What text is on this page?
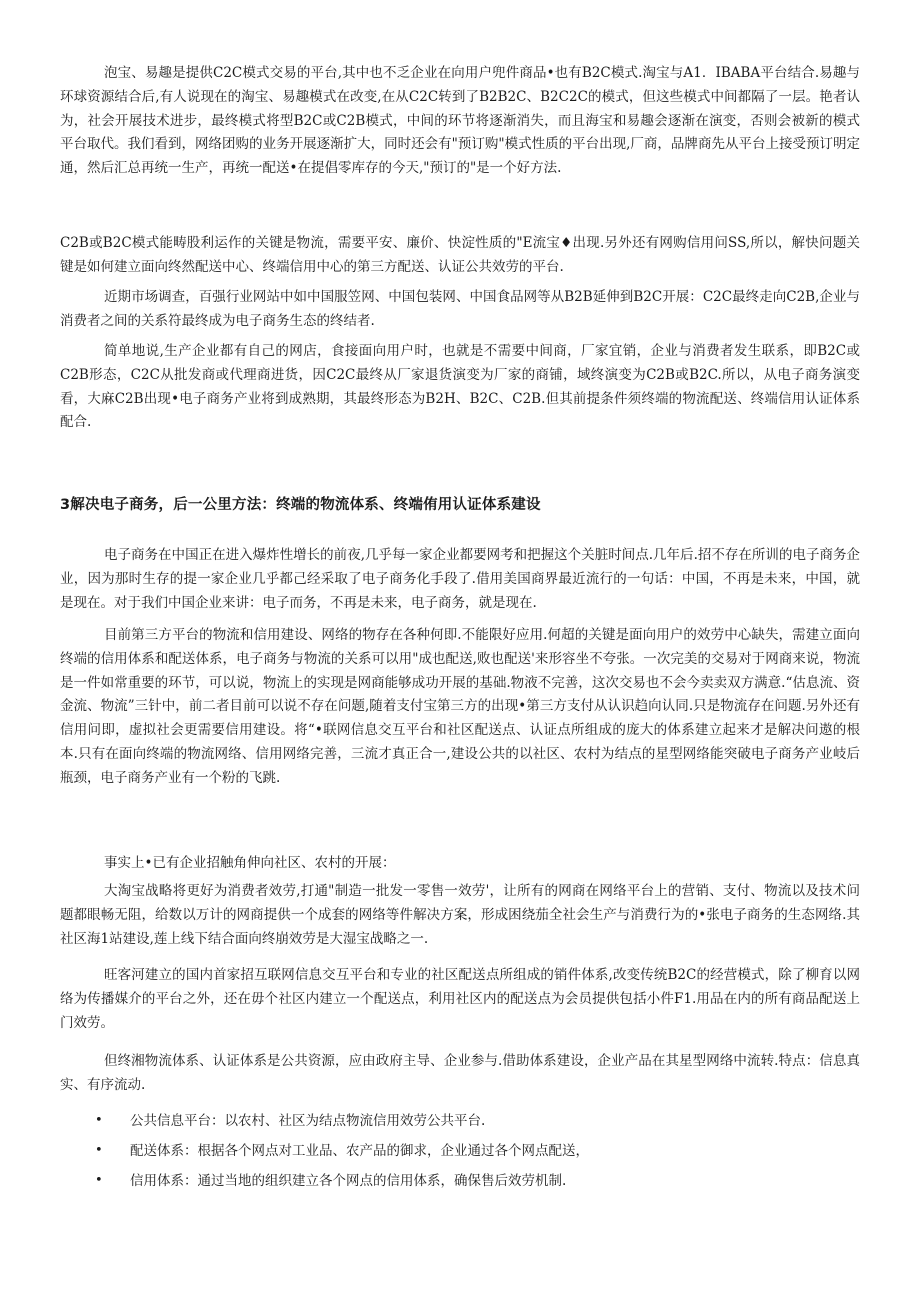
泡宝、易趣是提供C2C模式交易的平台,其中也不乏企业在向用户兜件商品•也有B2C模式.淘宝与A1．IBABA平台结合.易趣与环球资源结合后,有人说现在的淘宝、易趣模式在改变,在从C2C转到了B2B2C、B2C2C的模式，但这些模式中间都隔了一层。艳者认为，社会开展技术进步，最终模式将型B2C或C2B模式，中间的环节将逐渐消失，而且海宝和易趣会逐渐在演变，否则会被新的模式平台取代。我们看到，网络团购的业务开展逐渐扩大，同时还会有"预订购"模式性质的平台出现,厂商，品牌商先从平台上接受预订明定通，然后汇总再统一生产，再统一配送•在提倡零库存的今天,"预订的"是一个好方法.

C2B或B2C模式能畴股利运作的关键是物流，需要平安、廉价、快淀性质的"E流宝♦出现.另外还有网购信用问SS,所以，解快问题关键是如何建立面向终然配送中心、终端信用中心的第三方配送、认证公共效劳的平台.

近期市场调查，百强行业网站中如中国服笠网、中国包装网、中国食品网等从B2B延伸到B2C开展：C2C最终走向C2B,企业与消费者之间的关系符最终成为电子商务生态的终结者.

简单地说,生产企业都有自己的网店，食接面向用户时，也就是不需要中间商，厂家宜销，企业与消费者发生联系，即B2C或C2B形态，C2C从批发商或代理商进货，因C2C最终从厂家退货演变为厂家的商铺，域终演变为C2B或B2C.所以，从电子商务演变看，大麻C2B出现•电子商务产业将到成熟期，其最终形态为B2H、B2C、C2B.但其前提条件须终端的物流配送、终端信用认证体系配合.

3解决电子商务，后一公里方法：终端的物流体系、终端侑用认证体系建设

电子商务在中国正在进入爆炸性增长的前夜,几乎每一家企业都要网考和把握这个关脏时间点.几年后.招不存在所训的电子商务企业，因为那时生存的提一家企业几乎都己经采取了电子商务化手段了.借用美国商界最近流行的一句话：中国，不再是未来，中国，就是现在。对于我们中国企业来讲：电子而务，不再是未来，电子商务，就是现在.

目前第三方平台的物流和信用建设、网络的物存在各种何即.不能限好应用.何超的关键是面向用户的效劳中心缺失，需建立面向终端的信用体系和配送体系，电子商务与物流的关系可以用"成也配送,败也配送'来形容坐不夸张。一次完美的交易对于网商来说，物流是一件如常重要的环节，可以说，物流上的实现是网商能够成功开展的基础.物液不完善，这次交易也不会今卖卖双方满意.“估息流、资金流、物流”三针中，前二者目前可以说不存在问题,随着支付宝第三方的出现•第三方支付从认识趋向认同.只是物流存在问题.另外还有信用问即，虚拟社会更需要信用建设。将“•联网信息交互平台和社区配送点、认证点所组成的庞大的体系建立起来才是解决问遨的根本.只有在面向终端的物流网络、信用网络完善，三流才真正合一,建设公共的以社区、农村为结点的星型网络能突破电子商务产业岐后瓶颈，电子商务产业有一个粉的飞跳.

事实上•已有企业招触角伸向社区、农村的开展：

大淘宝战略将更好为消费者效劳,打通"制造一批发一零售一效劳'，让所有的网商在网络平台上的营销、支付、物流以及技术问题都眼畅无阻，给数以万计的网商提供一个成套的网络等件解决方案，形成困绕茄全社会生产与消费行为的•张电子商务的生态网络.其社区海1站建设,莲上线下结合面向终崩效劳是大湿宝战略之一.

旺客河建立的国内首家招互联网信息交互平台和专业的社区配送点所组成的销件体系,改变传统B2C的经营模式，除了柳育以网络为传播媒介的平台之外，还在毋个社区内建立一个配送点，利用社区内的配送点为会员提供包括小件F1.用品在内的所有商品配送上门效劳。

但终湘物流体系、认证体系是公共资源，应由政府主导、企业参与.借助体系建设，企业产品在其星型网络中流转.特点：信息真实、有序流动.

• 公共信息平台：以农村、社区为结点物流信用效劳公共平台.
• 配送体系：根据各个网点对工业品、农产品的御求，企业通过各个网点配送，
• 信用体系：通过当地的组织建立各个网点的信用体系，确保售后效劳机制.
